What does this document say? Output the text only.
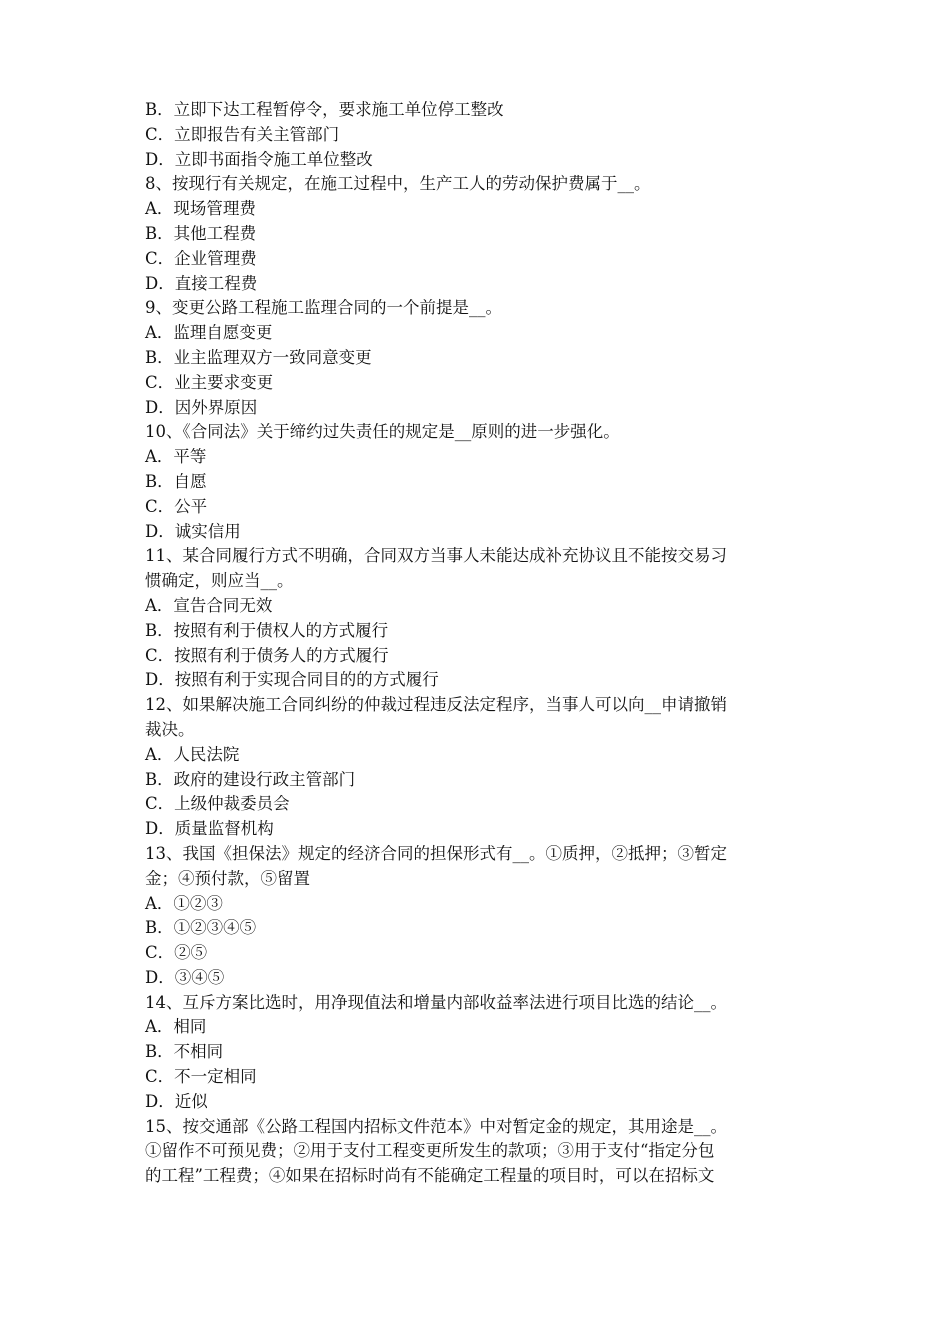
B．立即下达工程暂停令，要求施工单位停工整改
C．立即报告有关主管部门
D．立即书面指令施工单位整改
8、按现行有关规定，在施工过程中，生产工人的劳动保护费属于__。
A．现场管理费
B．其他工程费
C．企业管理费
D．直接工程费
9、变更公路工程施工监理合同的一个前提是__。
A．监理自愿变更
B．业主监理双方一致同意变更
C．业主要求变更
D．因外界原因
10、《合同法》关于缔约过失责任的规定是__原则的进一步强化。
A．平等
B．自愿
C．公平
D．诚实信用
11、某合同履行方式不明确，合同双方当事人未能达成补充协议且不能按交易习
惯确定，则应当__。
A．宣告合同无效
B．按照有利于债权人的方式履行
C．按照有利于债务人的方式履行
D．按照有利于实现合同目的的方式履行
12、如果解决施工合同纠纷的仲裁过程违反法定程序，当事人可以向__申请撤销
裁决。
A．人民法院
B．政府的建设行政主管部门
C．上级仲裁委员会
D．质量监督机构
13、我国《担保法》规定的经济合同的担保形式有__。①质押，②抵押；③暂定
金；④预付款，⑤留置
A．①②③
B．①②③④⑤
C．②⑤
D．③④⑤
14、互斥方案比选时，用净现值法和增量内部收益率法进行项目比选的结论__。
A．相同
B．不相同
C．不一定相同
D．近似
15、按交通部《公路工程国内招标文件范本》中对暂定金的规定，其用途是__。
①留作不可预见费；②用于支付工程变更所发生的款项；③用于支付“指定分包
的工程”工程费；④如果在招标时尚有不能确定工程量的项目时，可以在招标文
